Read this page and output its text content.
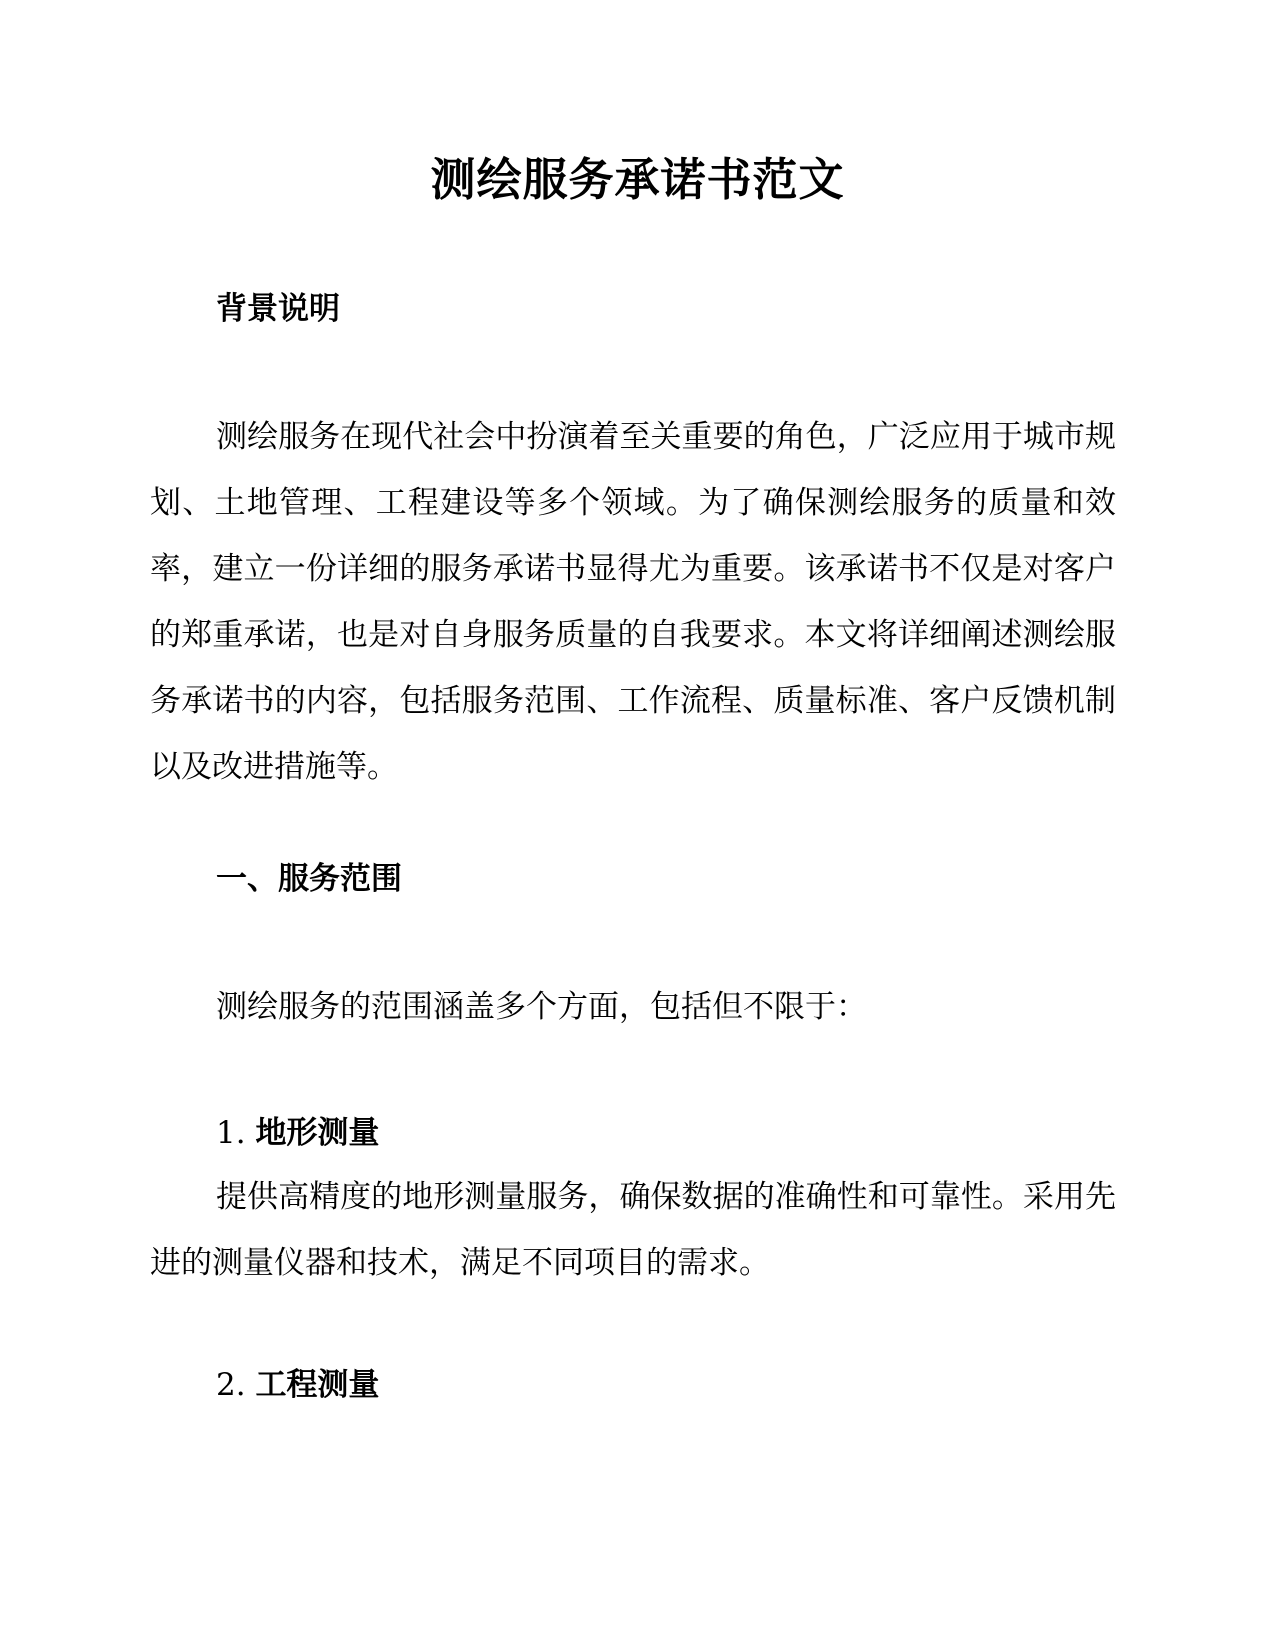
测绘服务承诺书范文
背景说明

测绘服务在现代社会中扮演着至关重要的角色，广泛应用于城市规划、土地管理、工程建设等多个领域。为了确保测绘服务的质量和效率，建立一份详细的服务承诺书显得尤为重要。该承诺书不仅是对客户的郑重承诺，也是对自身服务质量的自我要求。本文将详细阐述测绘服务承诺书的内容，包括服务范围、工作流程、质量标准、客户反馈机制以及改进措施等。

一、服务范围

测绘服务的范围涵盖多个方面，包括但不限于：

1. 地形测量

提供高精度的地形测量服务，确保数据的准确性和可靠性。采用先进的测量仪器和技术，满足不同项目的需求。

2. 工程测量
